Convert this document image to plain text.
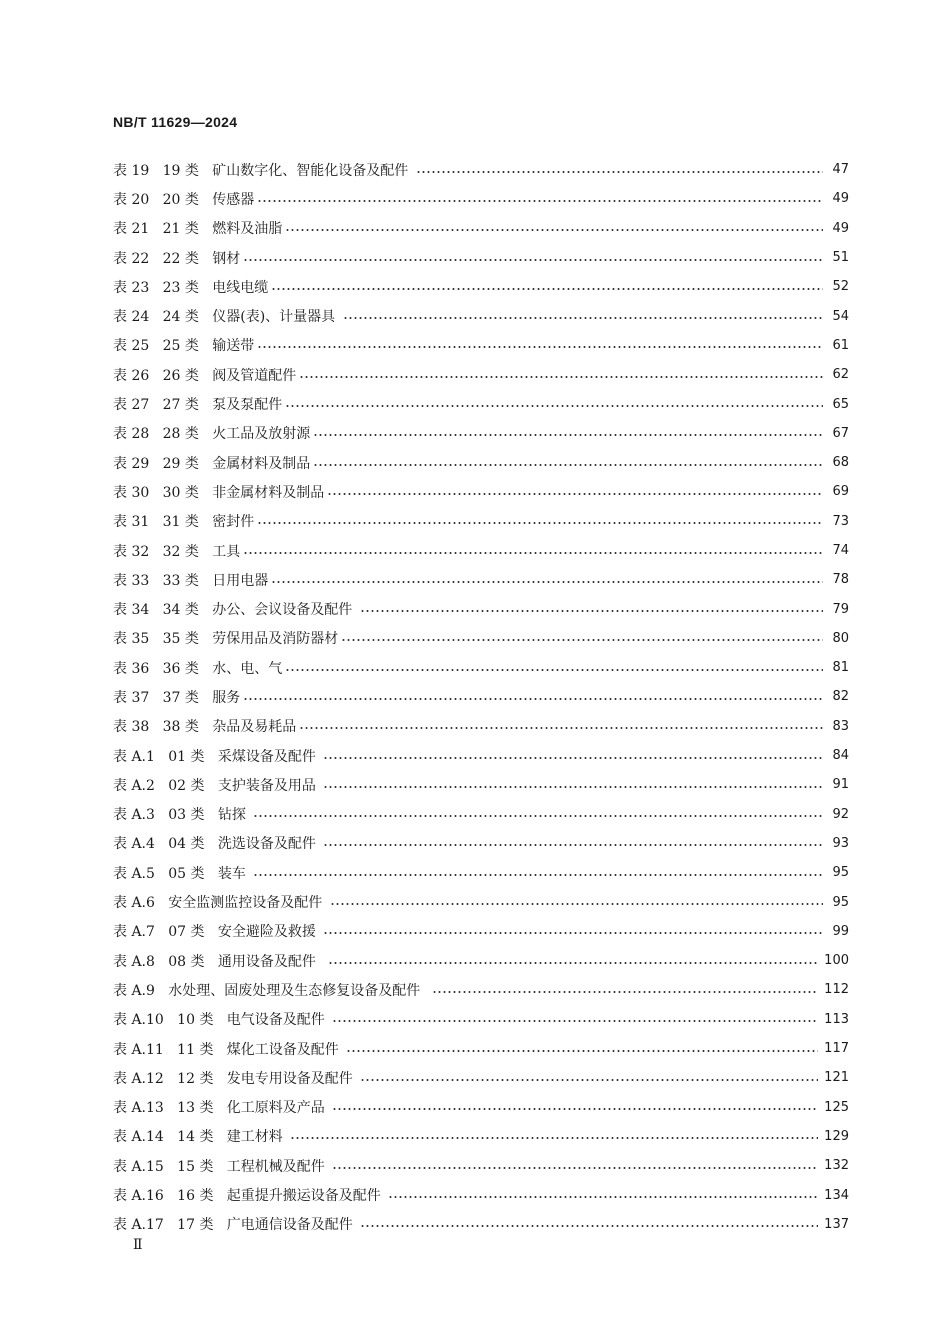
NB/T 11629—2024
表 19   19 类   矿山数字化、智能化设备及配件	47
表 20   20 类   传感器	49
表 21   21 类   燃料及油脂	49
表 22   22 类   钢材	51
表 23   23 类   电线电缆	52
表 24   24 类   仪器(表)、计量器具	54
表 25   25 类   输送带	61
表 26   26 类   阀及管道配件	62
表 27   27 类   泵及泵配件	65
表 28   28 类   火工品及放射源	67
表 29   29 类   金属材料及制品	68
表 30   30 类   非金属材料及制品	69
表 31   31 类   密封件	73
表 32   32 类   工具	74
表 33   33 类   日用电器	78
表 34   34 类   办公、会议设备及配件	79
表 35   35 类   劳保用品及消防器材	80
表 36   36 类   水、电、气	81
表 37   37 类   服务	82
表 38   38 类   杂品及易耗品	83
表 A.1   01 类   采煤设备及配件	84
表 A.2   02 类   支护装备及用品	91
表 A.3   03 类   钻探	92
表 A.4   04 类   洗选设备及配件	93
表 A.5   05 类   装车	95
表 A.6   安全监测监控设备及配件	95
表 A.7   07 类   安全避险及救援	99
表 A.8   08 类   通用设备及配件	100
表 A.9   水处理、固废处理及生态修复设备及配件	112
表 A.10   10 类   电气设备及配件	113
表 A.11   11 类   煤化工设备及配件	117
表 A.12   12 类   发电专用设备及配件	121
表 A.13   13 类   化工原料及产品	125
表 A.14   14 类   建工材料	129
表 A.15   15 类   工程机械及配件	132
表 A.16   16 类   起重提升搬运设备及配件	134
表 A.17   17 类   广电通信设备及配件	137
Ⅱ
